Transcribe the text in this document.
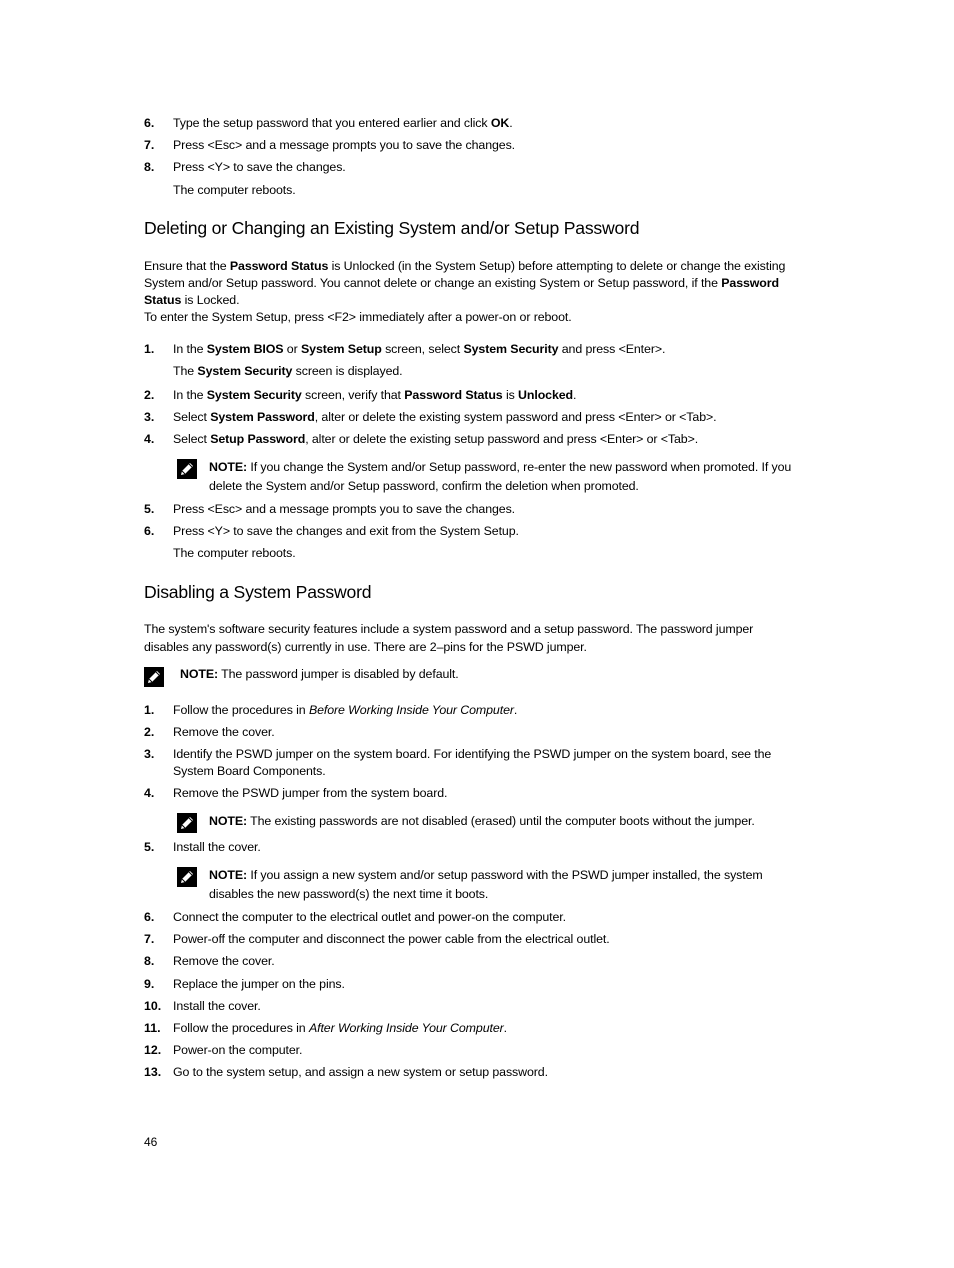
6. Type the setup password that you entered earlier and click OK.
7. Press <Esc> and a message prompts you to save the changes.
8. Press <Y> to save the changes.
The computer reboots.
Deleting or Changing an Existing System and/or Setup Password
Ensure that the Password Status is Unlocked (in the System Setup) before attempting to delete or change the existing
System and/or Setup password. You cannot delete or change an existing System or Setup password, if the Password
Status is Locked.
To enter the System Setup, press <F2> immediately after a power-on or reboot.
1. In the System BIOS or System Setup screen, select System Security and press <Enter>.
The System Security screen is displayed.
2. In the System Security screen, verify that Password Status is Unlocked.
3. Select System Password, alter or delete the existing system password and press <Enter> or <Tab>.
4. Select Setup Password, alter or delete the existing setup password and press <Enter> or <Tab>.
NOTE: If you change the System and/or Setup password, re-enter the new password when promoted. If you
delete the System and/or Setup password, confirm the deletion when promoted.
5. Press <Esc> and a message prompts you to save the changes.
6. Press <Y> to save the changes and exit from the System Setup.
The computer reboots.
Disabling a System Password
The system's software security features include a system password and a setup password. The password jumper
disables any password(s) currently in use. There are 2–pins for the PSWD jumper.
NOTE: The password jumper is disabled by default.
1. Follow the procedures in Before Working Inside Your Computer.
2. Remove the cover.
3. Identify the PSWD jumper on the system board. For identifying the PSWD jumper on the system board, see the
System Board Components.
4. Remove the PSWD jumper from the system board.
NOTE: The existing passwords are not disabled (erased) until the computer boots without the jumper.
5. Install the cover.
NOTE: If you assign a new system and/or setup password with the PSWD jumper installed, the system
disables the new password(s) the next time it boots.
6. Connect the computer to the electrical outlet and power-on the computer.
7. Power-off the computer and disconnect the power cable from the electrical outlet.
8. Remove the cover.
9. Replace the jumper on the pins.
10. Install the cover.
11. Follow the procedures in After Working Inside Your Computer.
12. Power-on the computer.
13. Go to the system setup, and assign a new system or setup password.
46
